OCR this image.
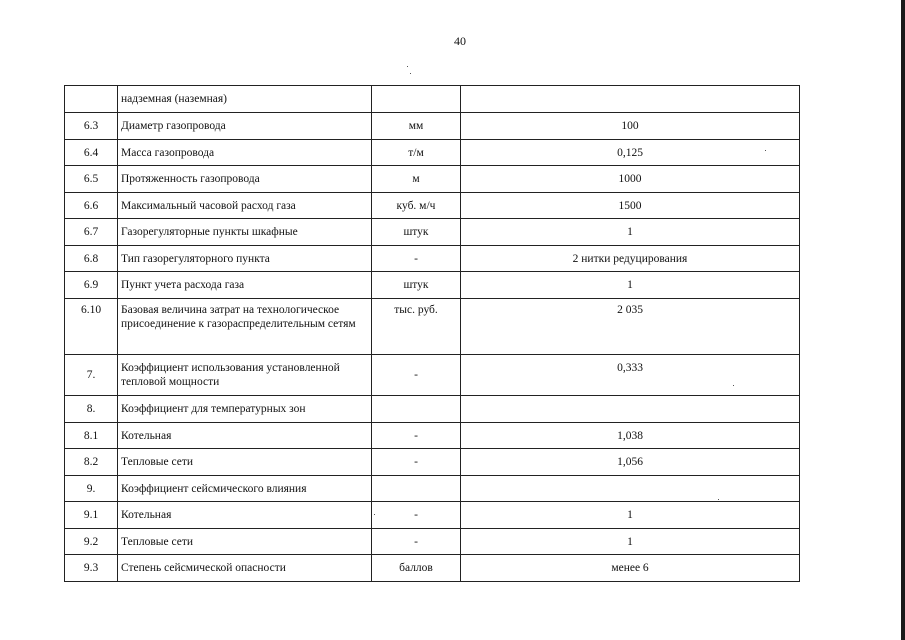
40
	надземная (наземная)		
6.3	Диаметр газопровода	мм	100
6.4	Масса газопровода	т/м	0,125
6.5	Протяженность газопровода	м	1000
6.6	Максимальный часовой расход газа	куб. м/ч	1500
6.7	Газорегуляторные пункты шкафные	штук	1
6.8	Тип газорегуляторного пункта	-	2 нитки редуцирования
6.9	Пункт учета расхода газа	штук	1
6.10	Базовая величина затрат на технологическое присоединение к газораспределительным сетям	тыс. руб.	2 035
7.	Коэффициент использования установленной тепловой мощности	-	0,333
8.	Коэффициент для температурных зон		
8.1	Котельная	-	1,038
8.2	Тепловые сети	-	1,056
9.	Коэффициент сейсмического влияния		
9.1	Котельная	-	1
9.2	Тепловые сети	-	1
9.3	Степень сейсмической опасности	баллов	менее 6
